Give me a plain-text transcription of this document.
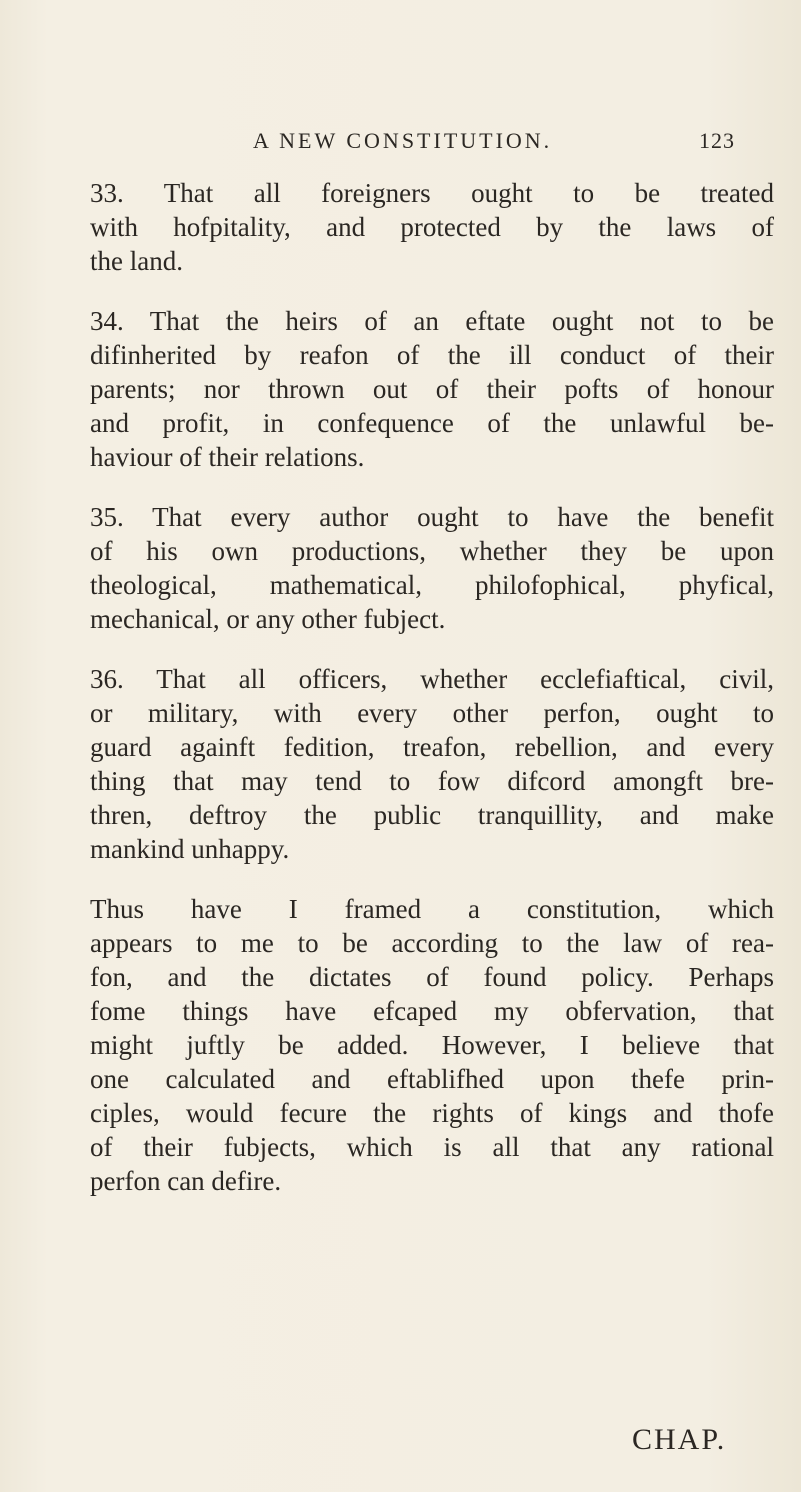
A NEW CONSTITUTION.	123

33. That all foreigners ought to be treated
with hofpitality, and protected by the laws of
the land.

34. That the heirs of an eftate ought not to be
difinherited by reafon of the ill conduct of their
parents; nor thrown out of their pofts of honour
and profit, in confequence of the unlawful be-
haviour of their relations.

35. That every author ought to have the benefit
of his own productions, whether they be upon
theological, mathematical, philofophical, phyfical,
mechanical, or any other fubject.

36. That all officers, whether ecclefiaftical, civil,
or military, with every other perfon, ought to
guard againft fedition, treafon, rebellion, and every
thing that may tend to fow difcord amongft bre-
thren, deftroy the public tranquillity, and make
mankind unhappy.

Thus have I framed a constitution, which
appears to me to be according to the law of rea-
fon, and the dictates of found policy. Perhaps
fome things have efcaped my obfervation, that
might juftly be added. However, I believe that
one calculated and eftablifhed upon thefe prin-
ciples, would fecure the rights of kings and thofe
of their fubjects, which is all that any rational
perfon can defire.

CHAP.
